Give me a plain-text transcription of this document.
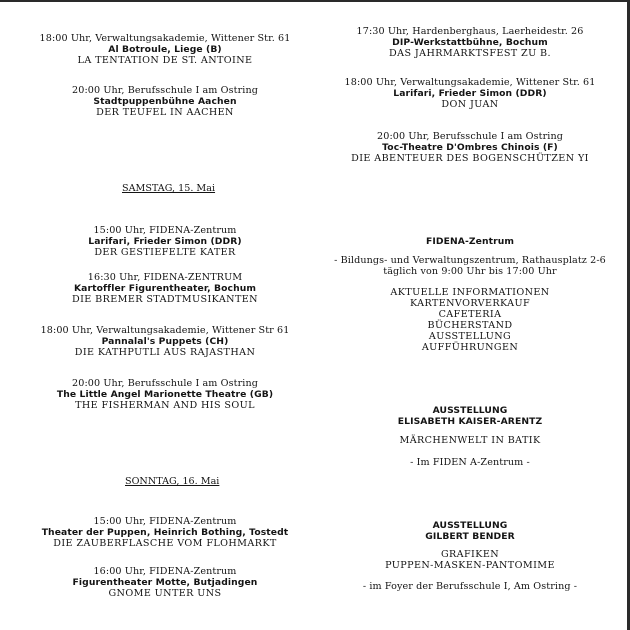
18:00 Uhr, Verwaltungsakademie, Wittener Str. 61
Al Botroule, Liege (B)
LA TENTATION DE ST. ANTOINE
20:00 Uhr, Berufsschule I am Ostring
Stadtpuppenbühne Aachen
DER TEUFEL IN AACHEN
SAMSTAG, 15. Mai
15:00 Uhr, FIDENA-Zentrum
Larifari, Frieder Simon (DDR)
DER GESTIEFELTE KATER
16:30 Uhr, FIDENA-ZENTRUM
Kartoffler Figurentheater, Bochum
DIE BREMER STADTMUSIKANTEN
18:00 Uhr, Verwaltungsakademie, Wittener Str 61
Pannalal's Puppets (CH)
DIE KATHPUTLI AUS RAJASTHAN
20:00 Uhr, Berufsschule I am Ostring
The Little Angel Marionette Theatre (GB)
THE FISHERMAN AND HIS SOUL
SONNTAG, 16. Mai
15:00 Uhr, FIDENA-Zentrum
Theater der Puppen, Heinrich Bothing, Tostedt
DIE ZAUBERFLASCHE VOM FLOHMARKT
16:00 Uhr, FIDENA-Zentrum
Figurentheater Motte, Butjadingen
GNOME UNTER UNS
17:30 Uhr, Hardenberghaus, Laerheidestr. 26
DIP-Werkstattbühne, Bochum
DAS JAHRMARKTSFEST ZU B.
18:00 Uhr, Verwaltungsakademie, Wittener Str. 61
Larifari, Frieder Simon (DDR)
DON JUAN
20:00 Uhr, Berufsschule I am Ostring
Toc-Theatre D'Ombres Chinois (F)
DIE ABENTEUER DES BOGENSCHÜTZEN YI
FIDENA-Zentrum
- Bildungs- und Verwaltungszentrum, Rathausplatz 2-6
täglich von 9:00 Uhr bis 17:00 Uhr
AKTUELLE INFORMATIONEN
KARTENVORVERKAUF
CAFETERIA
BÜCHERSTAND
AUSSTELLUNG
AUFFÜHRUNGEN
AUSSTELLUNG
ELISABETH KAISER-ARENTZ
MÄRCHENWELT IN BATIK
- Im FIDEN A-Zentrum -
AUSSTELLUNG
GILBERT BENDER
GRAFIKEN
PUPPEN-MASKEN-PANTOMIME
- im Foyer der Berufsschule I, Am Ostring -
